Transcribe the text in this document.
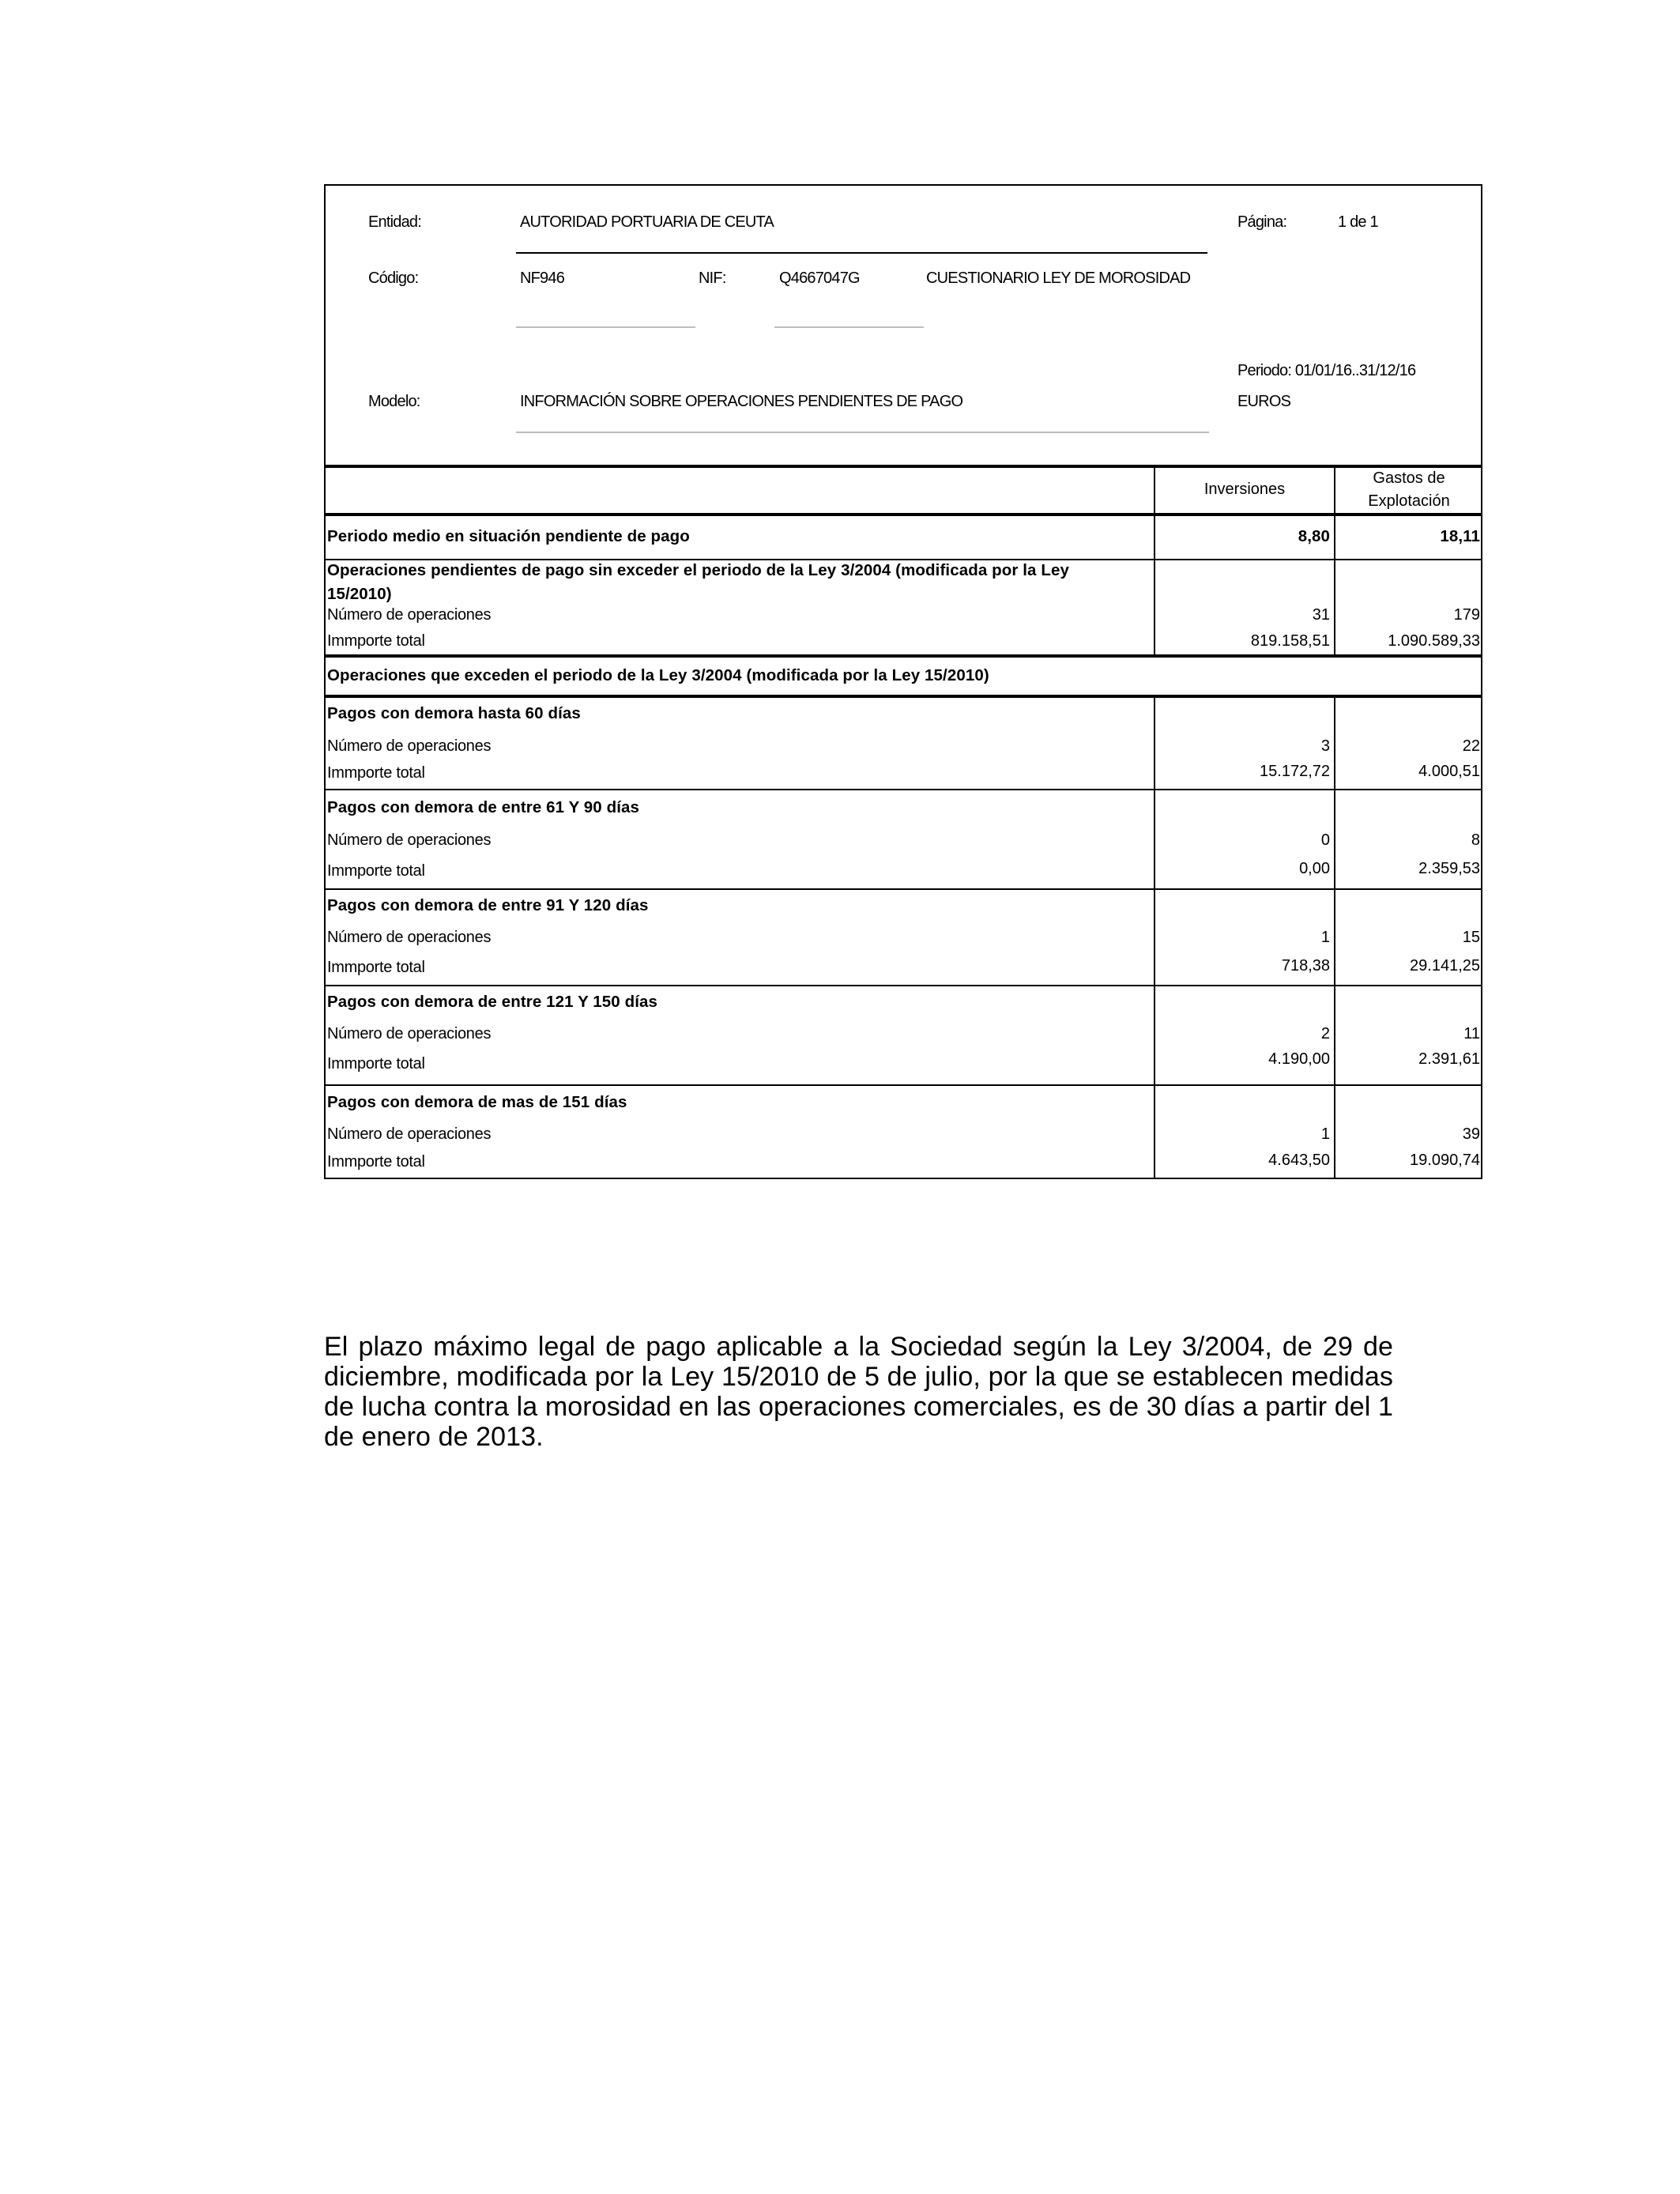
Entidad:	AUTORIDAD PORTUARIA DE CEUTA	Página:	1 de 1
Código:	NF946	NIF:	Q4667047G	CUESTIONARIO LEY DE MOROSIDAD
Periodo: 01/01/16..31/12/16
Modelo:	INFORMACIÓN SOBRE OPERACIONES PENDIENTES DE PAGO	EUROS
Inversiones
Gastos de
Explotación
Periodo medio en situación pendiente de pago	8,80	18,11
Operaciones pendientes de pago sin exceder el periodo de la Ley 3/2004 (modificada por la Ley
15/2010)
Número de operaciones	31	179
Immporte total	819.158,51	1.090.589,33
Operaciones que exceden el periodo de la Ley 3/2004 (modificada por la Ley 15/2010)
Pagos con demora hasta 60 días
Número de operaciones	3	22
Immporte total	15.172,72	4.000,51
Pagos con demora de entre 61 Y 90 días
Número de operaciones	0	8
Immporte total	0,00	2.359,53
Pagos con demora de entre 91 Y 120 días
Número de operaciones	1	15
Immporte total	718,38	29.141,25
Pagos con demora de entre 121 Y 150 días
Número de operaciones	2	11
Immporte total	4.190,00	2.391,61
Pagos con demora de mas de 151 días
Número de operaciones	1	39
Immporte total	4.643,50	19.090,74
El plazo máximo legal de pago aplicable a la Sociedad según la Ley 3/2004, de 29 de diciembre, modificada por la Ley 15/2010 de 5 de julio, por la que se establecen medidas de lucha contra la morosidad en las operaciones comerciales, es de 30 días a partir del 1 de enero de 2013.
